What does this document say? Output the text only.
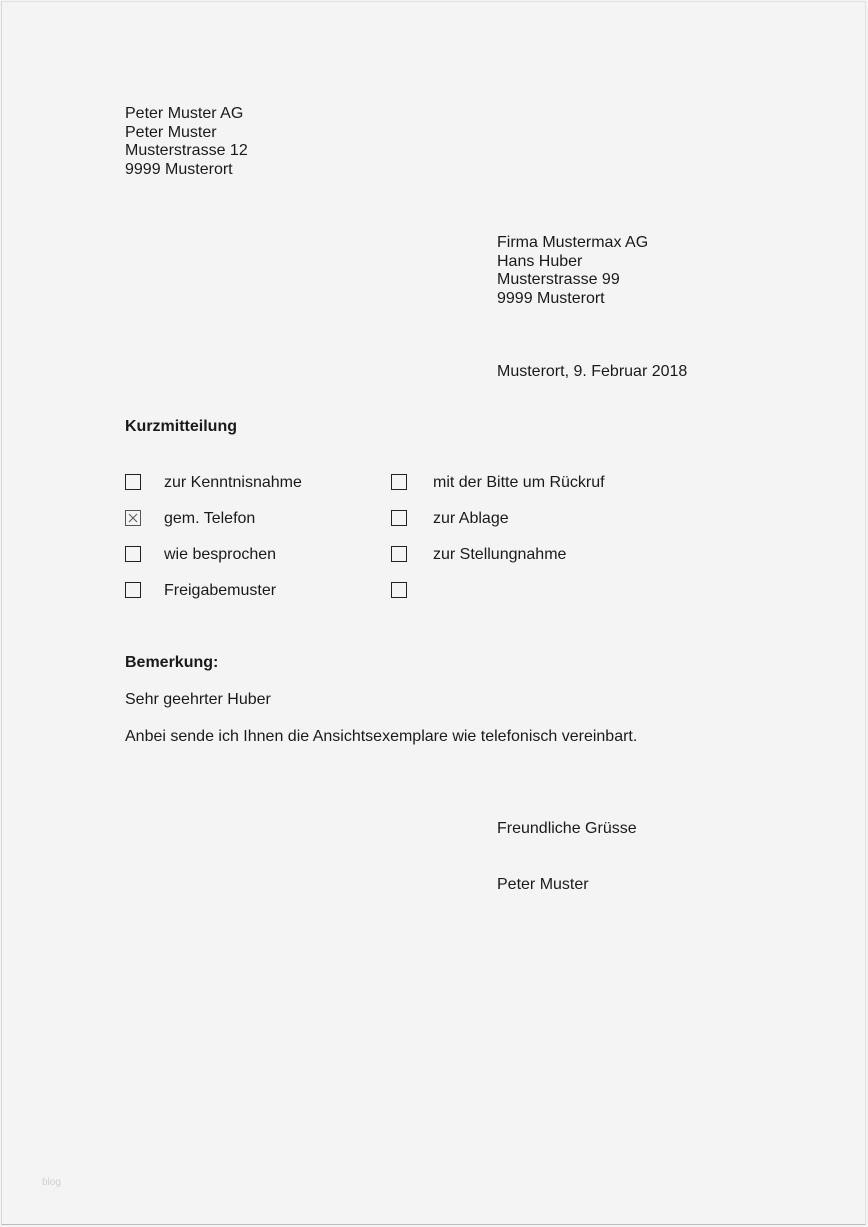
Peter Muster AG
Peter Muster
Musterstrasse 12
9999 Musterort
Firma Mustermax AG
Hans Huber
Musterstrasse 99
9999 Musterort
Musterort, 9. Februar 2018
Kurzmitteilung
zur Kenntnisnahme
gem. Telefon
wie besprochen
Freigabemuster
mit der Bitte um Rückruf
zur Ablage
zur Stellungnahme
Bemerkung:
Sehr geehrter Huber
Anbei sende ich Ihnen die Ansichtsexemplare wie telefonisch vereinbart.
Freundliche Grüsse
Peter Muster
blog
